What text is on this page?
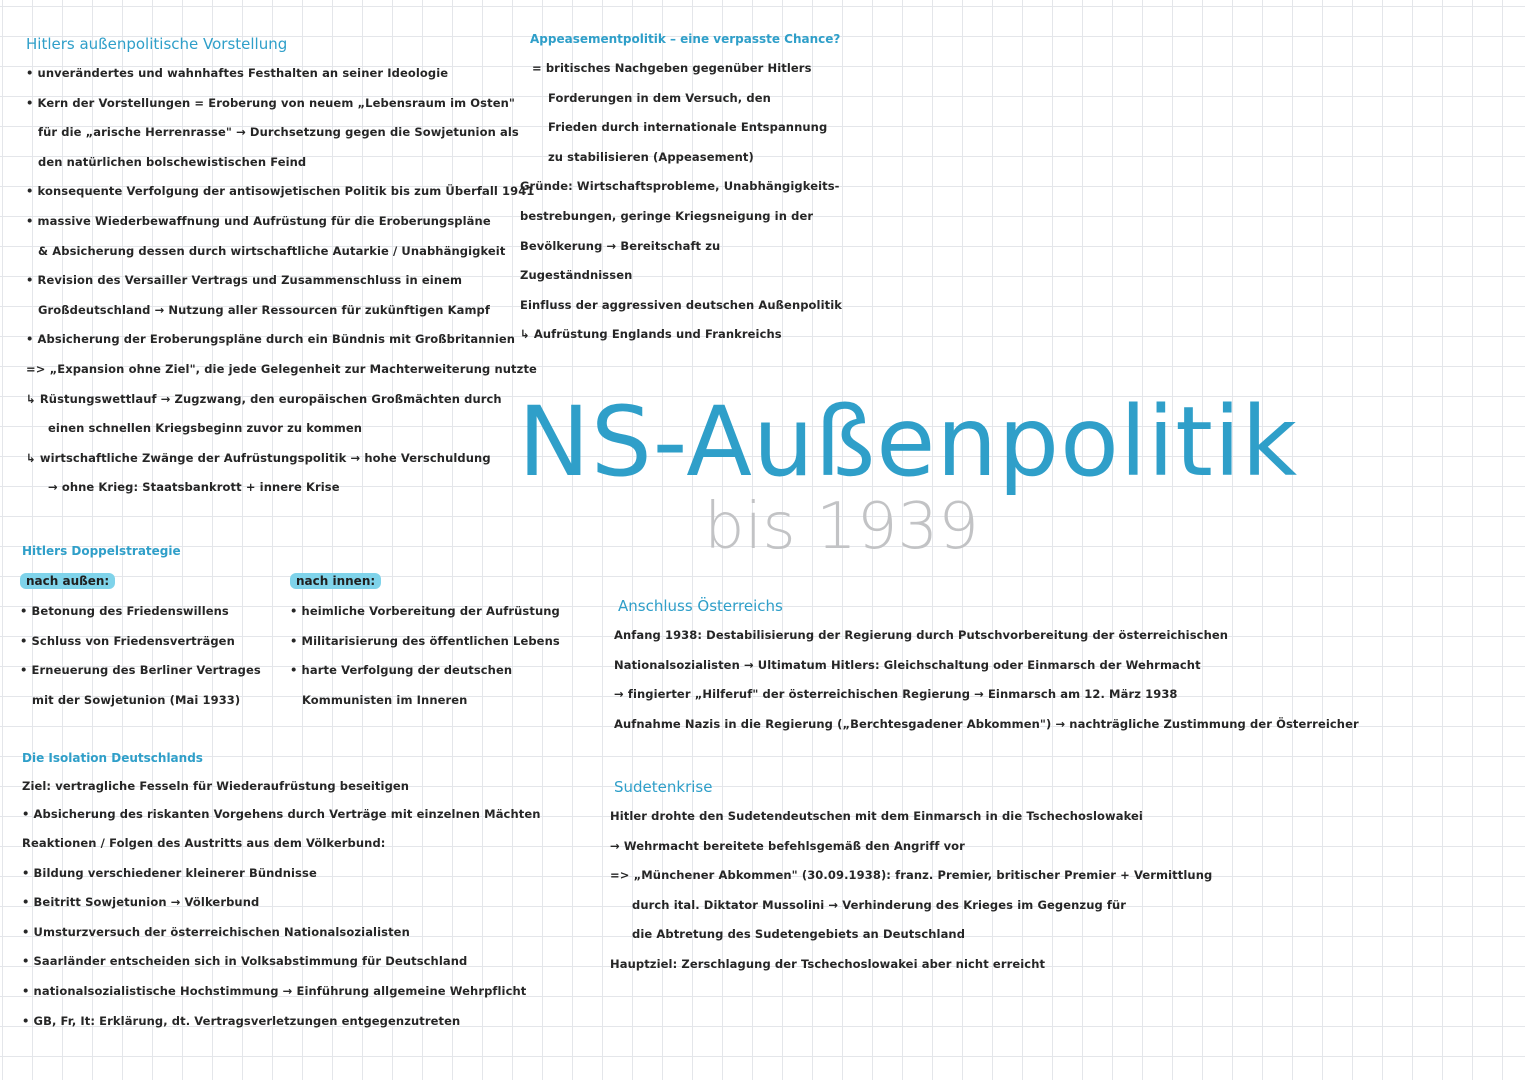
Hitlers außenpolitische Vorstellung
• unverändertes und wahnhaftes Festhalten an seiner Ideologie
• Kern der Vorstellungen = Eroberung von neuem „Lebensraum im Osten"
für die „arische Herrenrasse" → Durchsetzung gegen die Sowjetunion als
den natürlichen bolschewistischen Feind
• konsequente Verfolgung der antisowjetischen Politik bis zum Überfall 1941
• massive Wiederbewaffnung und Aufrüstung für die Eroberungspläne
& Absicherung dessen durch wirtschaftliche Autarkie / Unabhängigkeit
• Revision des Versailler Vertrags und Zusammenschluss in einem
Großdeutschland → Nutzung aller Ressourcen für zukünftigen Kampf
• Absicherung der Eroberungspläne durch ein Bündnis mit Großbritannien
=> „Expansion ohne Ziel", die jede Gelegenheit zur Machterweiterung nutzte
↳ Rüstungswettlauf → Zugzwang, den europäischen Großmächten durch
einen schnellen Kriegsbeginn zuvor zu kommen
↳ wirtschaftliche Zwänge der Aufrüstungspolitik → hohe Verschuldung
→ ohne Krieg: Staatsbankrott + innere Krise
Appeasementpolitik – eine verpasste Chance?
= britisches Nachgeben gegenüber Hitlers
Forderungen in dem Versuch, den
Frieden durch internationale Entspannung
zu stabilisieren (Appeasement)
Gründe: Wirtschaftsprobleme, Unabhängigkeits-
bestrebungen, geringe Kriegsneigung in der
Bevölkerung → Bereitschaft zu
Zugeständnissen
Einfluss der aggressiven deutschen Außenpolitik
↳ Aufrüstung Englands und Frankreichs
NS-Außenpolitik
bis 1939
Hitlers Doppelstrategie
nach außen:
• Betonung des Friedenswillens
• Schluss von Friedensverträgen
• Erneuerung des Berliner Vertrages
mit der Sowjetunion (Mai 1933)
nach innen:
• heimliche Vorbereitung der Aufrüstung
• Militarisierung des öffentlichen Lebens
• harte Verfolgung der deutschen
Kommunisten im Inneren
Die Isolation Deutschlands
Ziel: vertragliche Fesseln für Wiederaufrüstung beseitigen
• Absicherung des riskanten Vorgehens durch Verträge mit einzelnen Mächten
Reaktionen / Folgen des Austritts aus dem Völkerbund:
• Bildung verschiedener kleinerer Bündnisse
• Beitritt Sowjetunion → Völkerbund
• Umsturzversuch der österreichischen Nationalsozialisten
• Saarländer entscheiden sich in Volksabstimmung für Deutschland
• nationalsozialistische Hochstimmung → Einführung allgemeine Wehrpflicht
• GB, Fr, It: Erklärung, dt. Vertragsverletzungen entgegenzutreten
Anschluss Österreichs
Anfang 1938: Destabilisierung der Regierung durch Putschvorbereitung der österreichischen
Nationalsozialisten → Ultimatum Hitlers: Gleichschaltung oder Einmarsch der Wehrmacht
→ fingierter „Hilferuf" der österreichischen Regierung → Einmarsch am 12. März 1938
Aufnahme Nazis in die Regierung („Berchtesgadener Abkommen") → nachträgliche Zustimmung der Österreicher
Sudetenkrise
Hitler drohte den Sudetendeutschen mit dem Einmarsch in die Tschechoslowakei
→ Wehrmacht bereitete befehlsgemäß den Angriff vor
=> „Münchener Abkommen" (30.09.1938): franz. Premier, britischer Premier + Vermittlung
durch ital. Diktator Mussolini → Verhinderung des Krieges im Gegenzug für
die Abtretung des Sudetengebiets an Deutschland
Hauptziel: Zerschlagung der Tschechoslowakei aber nicht erreicht
